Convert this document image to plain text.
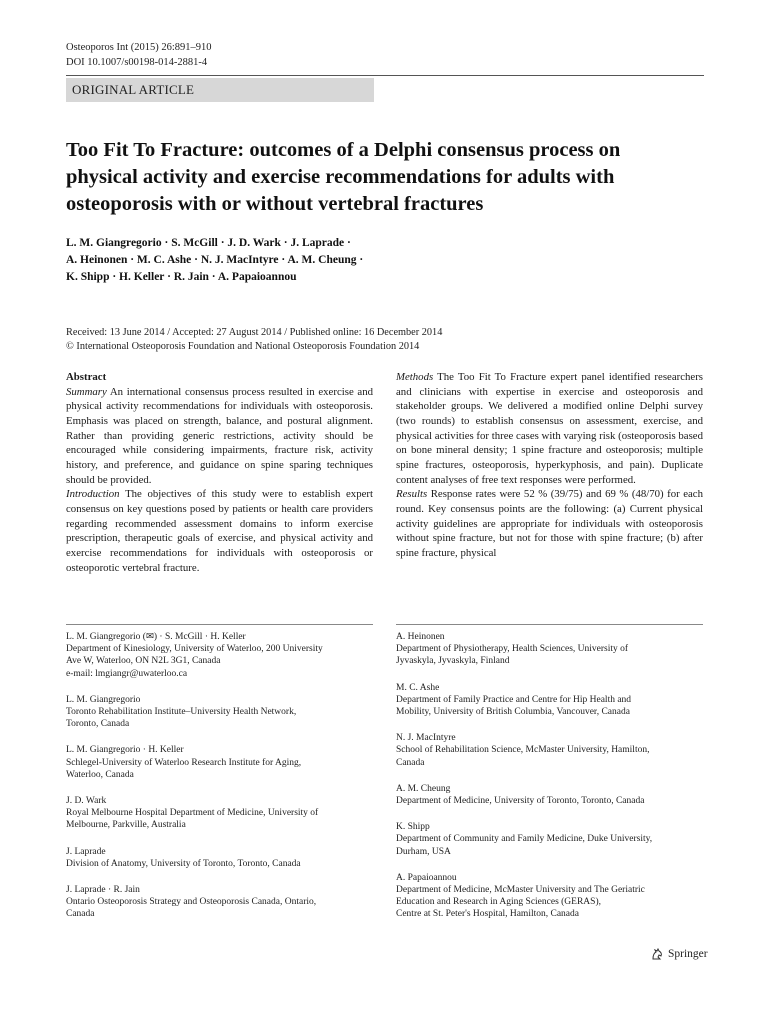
Osteoporos Int (2015) 26:891–910
DOI 10.1007/s00198-014-2881-4
ORIGINAL ARTICLE
Too Fit To Fracture: outcomes of a Delphi consensus process on physical activity and exercise recommendations for adults with osteoporosis with or without vertebral fractures
L. M. Giangregorio · S. McGill · J. D. Wark · J. Laprade ·
A. Heinonen · M. C. Ashe · N. J. MacIntyre · A. M. Cheung ·
K. Shipp · H. Keller · R. Jain · A. Papaioannou
Received: 13 June 2014 / Accepted: 27 August 2014 / Published online: 16 December 2014
© International Osteoporosis Foundation and National Osteoporosis Foundation 2014
Abstract

Summary An international consensus process resulted in exercise and physical activity recommendations for individuals with osteoporosis. Emphasis was placed on strength, balance, and postural alignment. Rather than providing generic restrictions, activity should be encouraged while considering impairments, fracture risk, activity history, and preference, and guidance on spine sparing techniques should be provided.

Introduction The objectives of this study were to establish expert consensus on key questions posed by patients or health care providers regarding recommended assessment domains to inform exercise prescription, therapeutic goals of exercise, and physical activity and exercise recommendations for individuals with osteoporosis or osteoporotic vertebral fracture.

Methods The Too Fit To Fracture expert panel identified researchers and clinicians with expertise in exercise and osteoporosis and stakeholder groups. We delivered a modified online Delphi survey (two rounds) to establish consensus on assessment, exercise, and physical activities for three cases with varying risk (osteoporosis based on bone mineral density; 1 spine fracture and osteoporosis; multiple spine fractures, osteoporosis, hyperkyphosis, and pain). Duplicate content analyses of free text responses were performed.

Results Response rates were 52 % (39/75) and 69 % (48/70) for each round. Key consensus points are the following: (a) Current physical activity guidelines are appropriate for individuals with osteoporosis without spine fracture, but not for those with spine fracture; (b) after spine fracture, physical

L. M. Giangregorio (✉) · S. McGill · H. Keller
Department of Kinesiology, University of Waterloo, 200 University
Ave W, Waterloo, ON N2L 3G1, Canada
e-mail: lmgiangr@uwaterloo.ca
L. M. Giangregorio
Toronto Rehabilitation Institute–University Health Network,
Toronto, Canada
L. M. Giangregorio · H. Keller
Schlegel-University of Waterloo Research Institute for Aging,
Waterloo, Canada
J. D. Wark
Royal Melbourne Hospital Department of Medicine, University of
Melbourne, Parkville, Australia
J. Laprade
Division of Anatomy, University of Toronto, Toronto, Canada
J. Laprade · R. Jain
Ontario Osteoporosis Strategy and Osteoporosis Canada, Ontario,
Canada
A. Heinonen
Department of Physiotherapy, Health Sciences, University of
Jyvaskyla, Jyvaskyla, Finland
M. C. Ashe
Department of Family Practice and Centre for Hip Health and
Mobility, University of British Columbia, Vancouver, Canada
N. J. MacIntyre
School of Rehabilitation Science, McMaster University, Hamilton,
Canada
A. M. Cheung
Department of Medicine, University of Toronto, Toronto, Canada
K. Shipp
Department of Community and Family Medicine, Duke University,
Durham, USA
A. Papaioannou
Department of Medicine, McMaster University and The Geriatric
Education and Research in Aging Sciences (GERAS),
Centre at St. Peter's Hospital, Hamilton, Canada
Springer
